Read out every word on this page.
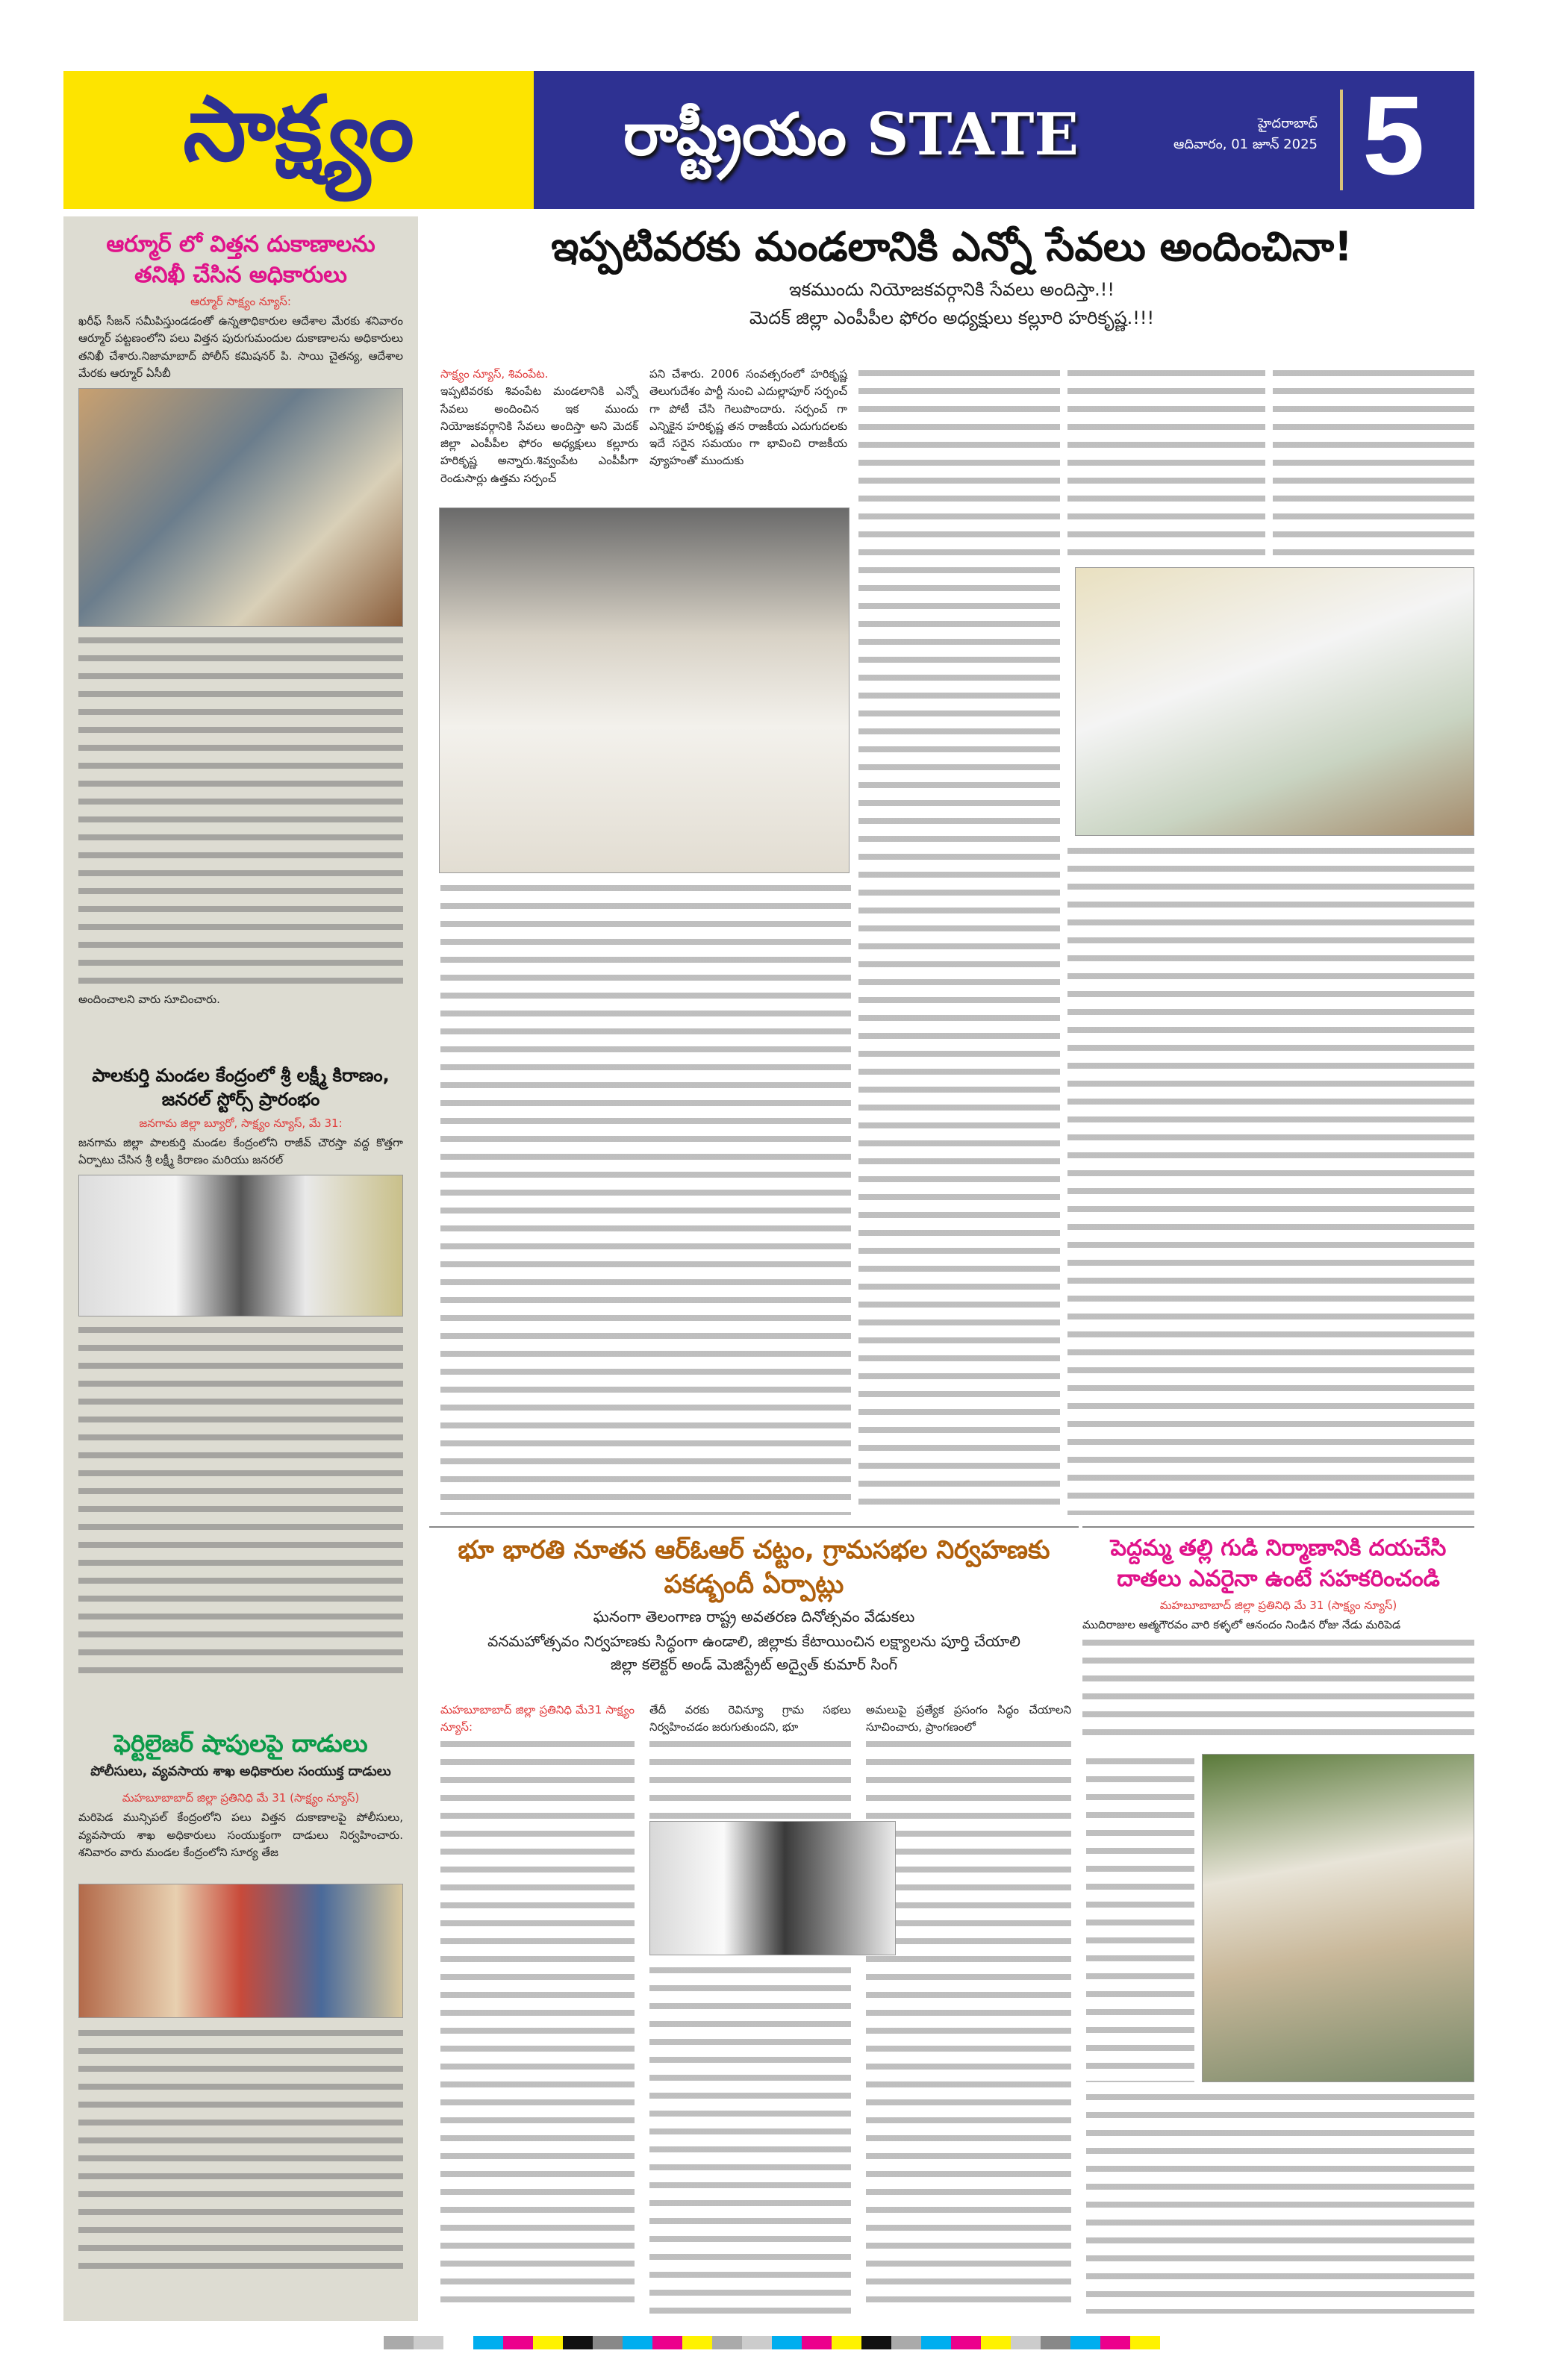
సాక్ష్యం	రాష్ట్రీయం STATE	హైదరాబాద్
ఆదివారం, 01 జూన్ 2025 5
ఆర్మూర్ లో విత్తన దుకాణాలను తనిఖీ చేసిన అధికారులు
ఆర్మూర్ సాక్ష్యం న్యూస్:
ఖరీఫ్ సీజన్ సమీపిస్తుండడంతో ఉన్నతాధికారుల ఆదేశాల మేరకు శనివారం ఆర్మూర్ పట్టణంలోని పలు విత్తన పురుగుమందుల దుకాణాలను అధికారులు తనిఖీ చేశారు.నిజామాబాద్ పోలీస్ కమిషనర్ పి. సాయి చైతన్య, ఆదేశాల మేరకు ఆర్మూర్ ఏసీబీ
అందించాలని వారు సూచించారు.
పాలకుర్తి మండల కేంద్రంలో శ్రీ లక్ష్మీ కిరాణం, జనరల్ స్టోర్స్ ప్రారంభం
జనగామ జిల్లా బ్యూరో, సాక్ష్యం న్యూస్, మే 31:
జనగామ జిల్లా పాలకుర్తి మండల కేంద్రంలోని రాజీవ్ చౌరస్తా వద్ద కొత్తగా ఏర్పాటు చేసిన శ్రీ లక్ష్మీ కిరాణం మరియు జనరల్
ఫెర్టిలైజర్ షాపులపై దాడులు
పోలీసులు, వ్యవసాయ శాఖ అధికారుల సంయుక్త దాడులు
మహబూబాబాద్ జిల్లా ప్రతినిధి మే 31 (సాక్ష్యం న్యూస్)
మరిపెడ మున్సిపల్ కేంద్రంలోని పలు విత్తన దుకాణాలపై పోలీసులు, వ్యవసాయ శాఖ అధికారులు సంయుక్తంగా దాడులు నిర్వహించారు. శనివారం వారు మండల కేంద్రంలోని సూర్య తేజ
ఇప్పటివరకు మండలానికి ఎన్నో సేవలు అందించినా!
ఇకముందు నియోజకవర్గానికి సేవలు అందిస్తా.!!
మెదక్ జిల్లా ఎంపీపీల ఫోరం అధ్యక్షులు కల్లూరి హరికృష్ణ.!!!
సాక్ష్యం న్యూస్, శివంపేట.
ఇప్పటివరకు శివంపేట మండలానికి ఎన్నో సేవలు అందించిన ఇక ముందు నియోజకవర్గానికి సేవలు అందిస్తా అని మెదక్ జిల్లా ఎంపీపీల ఫోరం అధ్యక్షులు కల్లూరు హరికృష్ణ అన్నారు.శివ్వంపేట ఎంపీపీగా రెండుసార్లు ఉత్తమ సర్పంచ్
పని చేశారు. 2006 సంవత్సరంలో హరికృష్ణ తెలుగుదేశం పార్టీ నుంచి ఎదుల్లాపూర్ సర్పంచ్ గా పోటీ చేసి గెలుపొందారు. సర్పంచ్ గా ఎన్నికైన హరికృష్ణ తన రాజకీయ ఎదుగుదలకు ఇదే సరైన సమయం గా భావించి రాజకీయ వ్యూహంతో ముందుకు
భూ భారతి నూతన ఆర్ఓఆర్ చట్టం, గ్రామసభల నిర్వహణకు పకడ్బందీ ఏర్పాట్లు
ఘనంగా తెలంగాణ రాష్ట్ర అవతరణ దినోత్సవం వేడుకలు
వనమహోత్సవం నిర్వహణకు సిద్ధంగా ఉండాలి, జిల్లాకు కేటాయించిన లక్ష్యాలను పూర్తి చేయాలి
జిల్లా కలెక్టర్ అండ్ మెజిస్ట్రేట్ అద్వైత్ కుమార్ సింగ్
మహబూబాబాద్ జిల్లా ప్రతినిధి మే31 సాక్ష్యం న్యూస్:
తేదీ వరకు రెవిన్యూ గ్రామ సభలు నిర్వహించడం జరుగుతుందని, భూ
అమలుపై ప్రత్యేక ప్రసంగం సిద్ధం చేయాలని సూచించారు, ప్రాంగణంలో
పెద్దమ్మ తల్లి గుడి నిర్మాణానికి దయచేసి దాతలు ఎవరైనా ఉంటే సహకరించండి
మహబూబాబాద్ జిల్లా ప్రతినిధి మే 31 (సాక్ష్యం న్యూస్)
ముదిరాజుల ఆత్మగౌరవం వారి కళ్ళలో ఆనందం నిండిన రోజు నేడు మరిపెడ
